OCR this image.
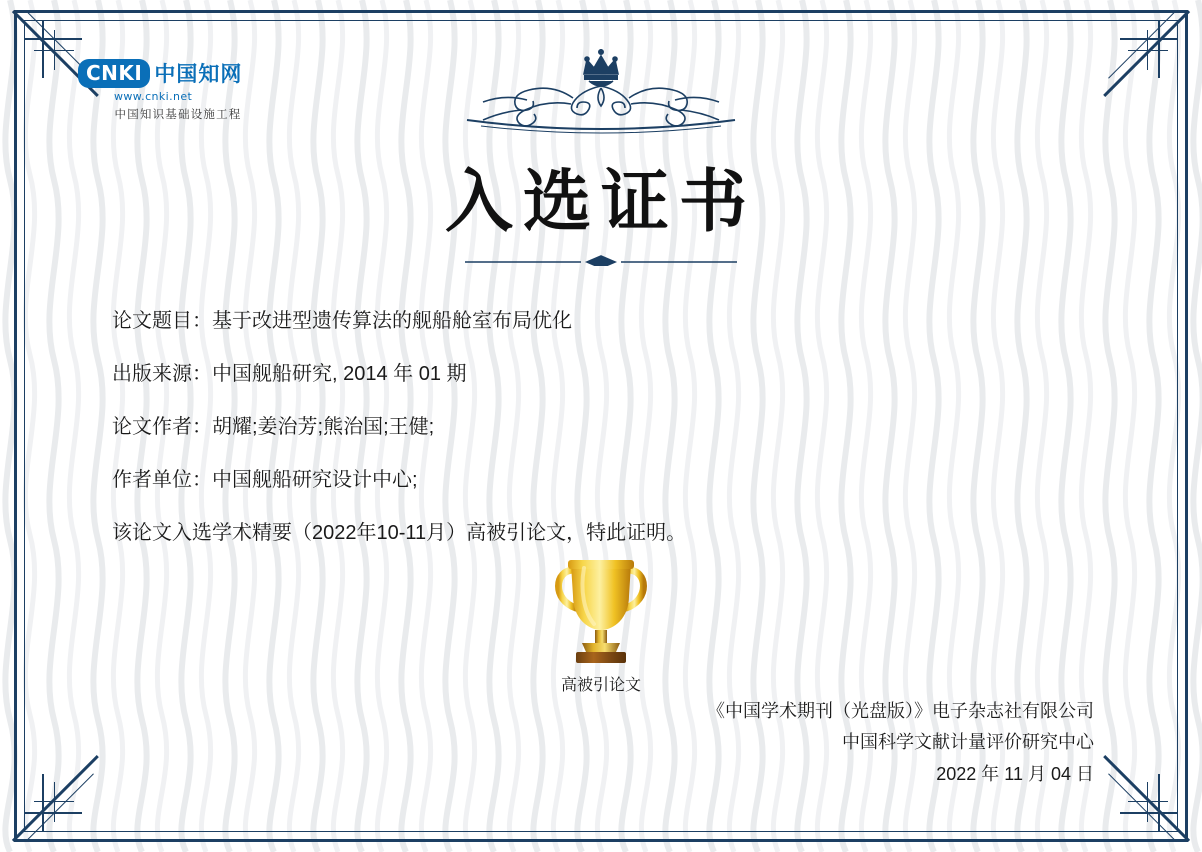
CNKI 中国知网
www.cnki.net
中国知识基础设施工程
入选证书
论文题目：基于改进型遗传算法的舰船舱室布局优化
出版来源：中国舰船研究, 2014 年 01 期
论文作者：胡耀;姜治芳;熊治国;王健;
作者单位：中国舰船研究设计中心;
该论文入选学术精要（2022年10-11月）高被引论文，特此证明。
高被引论文
《中国学术期刊（光盘版）》电子杂志社有限公司
中国科学文献计量评价研究中心
2022 年 11 月 04 日
